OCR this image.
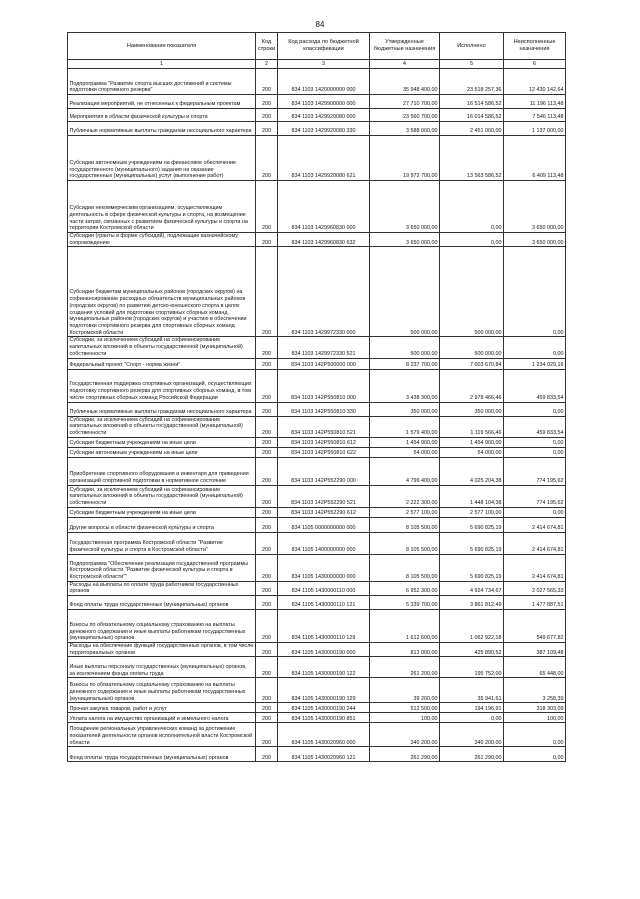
84
Наименование показателя	Код строки	Код расхода по бюджетной классификации	Утвержденные бюджетные назначения	Исполнено	Неисполненные назначения
1	2	3	4	5	6
Подпрограмма "Развитие спорта высших достижений и системы подготовки спортивного резерва"	200	834 1103 1420000000 000	35 948 400,00	23 518 257,36	12 430 142,64
Реализация мероприятий, не отнесенных к федеральным проектам	200	834 1103 1429900000 000	27 710 700,00	16 514 586,52	11 196 113,48
Мероприятия в области физической культуры и спорта	200	834 1103 1429920080 000	23 560 700,00	16 014 586,52	7 546 113,48
Публичные нормативные выплаты гражданам несоциального характера	200	834 1103 1429920080 330	3 588 000,00	2 451 000,00	1 137 000,00
Субсидии автономным учреждениям на финансовое обеспечение государственного (муниципального) задания на оказание государственных (муниципальных) услуг (выполнение работ)	200	834 1103 1429920080 621	19 972 700,00	13 563 586,52	6 409 113,48
Субсидии некоммерческим организациям, осуществляющим деятельность в сфере физической культуры и спорта, на возмещение части затрат, связанных с развитием физической культуры и спорта на территории Костромской области	200	834 1103 1429960830 000	3 650 000,00	0,00	3 650 000,00
Субсидии (гранты в форме субсидий), подлежащие казначейскому сопровождению	200	834 1103 1429960830 632	3 650 000,00	0,00	3 650 000,00
Субсидии бюджетам муниципальных районов (городских округов) на софинансирование расходных обязательств муниципальных районов (городских округов) по развитию детско-юношеского спорта в целях создания условий для подготовки спортивных сборных команд муниципальных районов (городских округов) и участию в обеспечении подготовки спортивного резерва для спортивных сборных команд Костромской области	200	834 1103 1429972330 000	500 000,00	500 000,00	0,00
Субсидии, за исключением субсидий на софинансирование капитальных вложений в объекты государственной (муниципальной) собственности	200	834 1103 1429972330 521	500 000,00	500 000,00	0,00
Федеральный проект "Спорт - норма жизни"	200	834 1103 142P500000 000	8 237 700,00	7 003 670,84	1 234 029,16
Государственная поддержка спортивных организаций, осуществляющих подготовку спортивного резерва для спортивных сборных команд, в том числе спортивных сборных команд Российской Федерации	200	834 1103 142P550810 000	3 438 300,00	2 978 466,46	459 833,54
Публичные нормативные выплаты гражданам несоциального характера	200	834 1103 142P550810 330	350 000,00	350 000,00	0,00
Субсидии, за исключением субсидий на софинансирование капитальных вложений в объекты государственной (муниципальной) собственности	200	834 1103 142P550810 521	1 579 400,00	1 119 566,46	459 833,54
Субсидии бюджетным учреждениям на иные цели	200	834 1103 142P550810 612	1 454 900,00	1 454 900,00	0,00
Субсидии автономным учреждениям на иные цели	200	834 1103 142P550810 622	54 000,00	54 000,00	0,00
Приобретение спортивного оборудования и инвентаря для приведения организаций спортивной подготовки в нормативное состояние	200	834 1103 142P552290 000	4 799 400,00	4 025 204,38	774 195,62
Субсидии, за исключением субсидий на софинансирование капитальных вложений в объекты государственной (муниципальной) собственности	200	834 1103 142P552290 521	2 222 300,00	1 448 104,38	774 195,62
Субсидии бюджетным учреждениям на иные цели	200	834 1103 142P552290 612	2 577 100,00	2 577 100,00	0,00
Другие вопросы в области физической культуры и спорта	200	834 1105 0000000000 000	8 105 500,00	5 690 825,19	2 414 674,81
Государственная программа Костромской области "Развитие физической культуры и спорта в Костромской области"	200	834 1105 1400000000 000	8 105 500,00	5 690 825,19	2 414 674,81
Подпрограмма "Обеспечение реализации государственной программы Костромской области "Развитие физической культуры и спорта в Костромской области""	200	834 1105 1430000000 000	8 105 500,00	5 690 825,19	2 414 674,81
Расходы на выплаты по оплате труда работников государственных органов	200	834 1105 1430000110 000	6 952 300,00	4 924 734,67	2 027 565,33
Фонд оплаты труда государственных (муниципальных) органов	200	834 1105 1430000110 121	5 339 700,00	3 861 812,49	1 477 887,51
Взносы по обязательному социальному страхованию на выплаты денежного содержания и иные выплаты работникам государственных (муниципальных) органов	200	834 1105 1430000110 129	1 612 600,00	1 062 922,18	549 677,82
Расходы на обеспечение функций государственных органов, в том числе территориальных органов	200	834 1105 1430000190 000	813 000,00	425 890,52	387 109,48
Иные выплаты персоналу государственных (муниципальных) органов, за исключением фонда оплаты труда	200	834 1105 1430000190 122	261 200,00	195 752,00	65 448,00
Взносы по обязательному социальному страхованию на выплаты денежного содержания и иные выплаты работникам государственных (муниципальных) органов	200	834 1105 1430000190 129	39 200,00	35 941,61	3 258,39
Прочая закупка товаров, работ и услуг	200	834 1105 1430000190 244	512 500,00	194 196,91	318 303,09
Уплата налога на имущество организаций и земельного налога	200	834 1105 1430000190 851	100,00	0,00	100,00
Поощрение региональных управленческих команд за достижение показателей деятельности органов исполнительной власти Костромской области	200	834 1105 1430020960 000	340 200,00	340 200,00	0,00
Фонд оплаты труда государственных (муниципальных) органов	200	834 1105 1430020960 121	261 290,00	261 290,00	0,00
